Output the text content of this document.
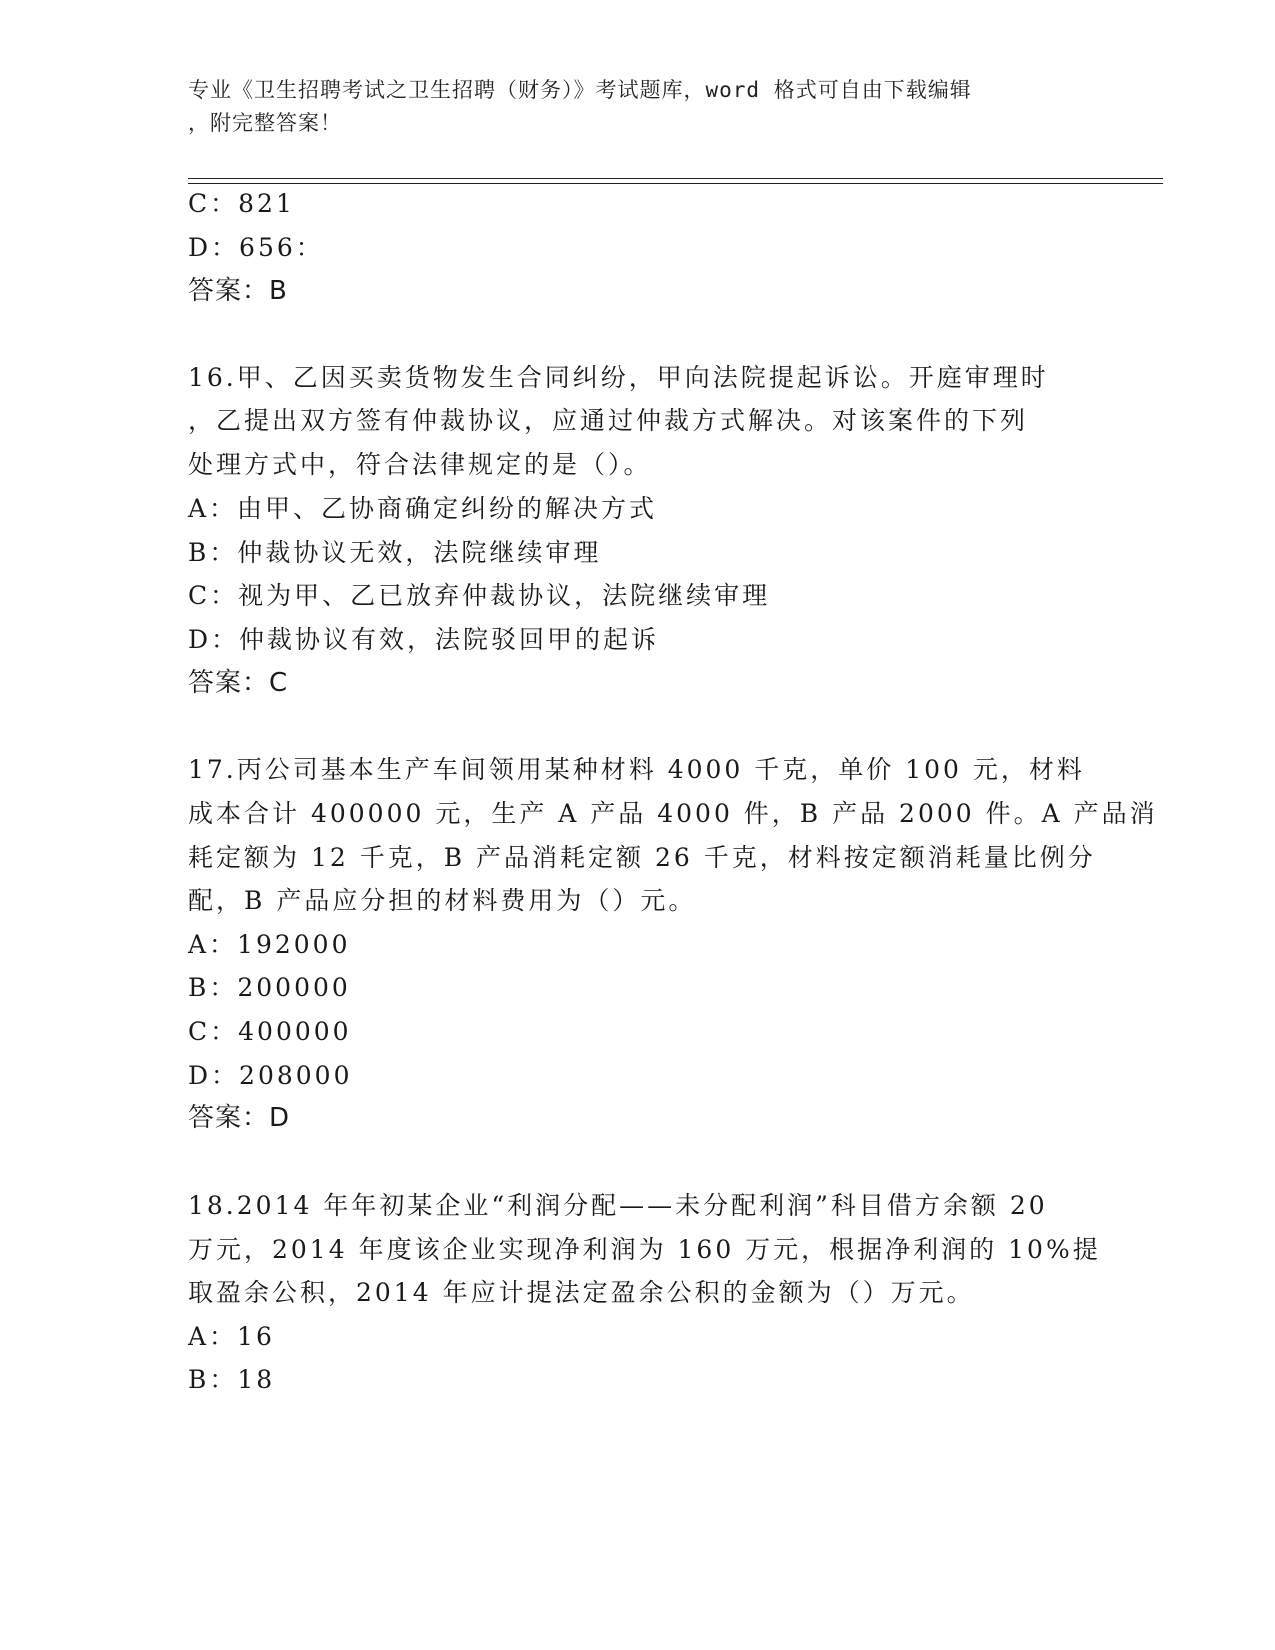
专业《卫生招聘考试之卫生招聘（财务）》考试题库，word 格式可自由下载编辑
，附完整答案！
C：821
D：656：
答案：B
16.甲、乙因买卖货物发生合同纠纷，甲向法院提起诉讼。开庭审理时
，乙提出双方签有仲裁协议，应通过仲裁方式解决。对该案件的下列
处理方式中，符合法律规定的是（）。
A：由甲、乙协商确定纠纷的解决方式
B：仲裁协议无效，法院继续审理
C：视为甲、乙已放弃仲裁协议，法院继续审理
D：仲裁协议有效，法院驳回甲的起诉
答案：C
17.丙公司基本生产车间领用某种材料 4000 千克，单价 100 元，材料
成本合计 400000 元，生产 A 产品 4000 件，B 产品 2000 件。A 产品消
耗定额为 12 千克，B 产品消耗定额 26 千克，材料按定额消耗量比例分
配，B 产品应分担的材料费用为（）元。
A：192000
B：200000
C：400000
D：208000
答案：D
18.2014 年年初某企业“利润分配——未分配利润”科目借方余额 20
万元，2014 年度该企业实现净利润为 160 万元，根据净利润的 10%提
取盈余公积，2014 年应计提法定盈余公积的金额为（）万元。
A：16
B：18
